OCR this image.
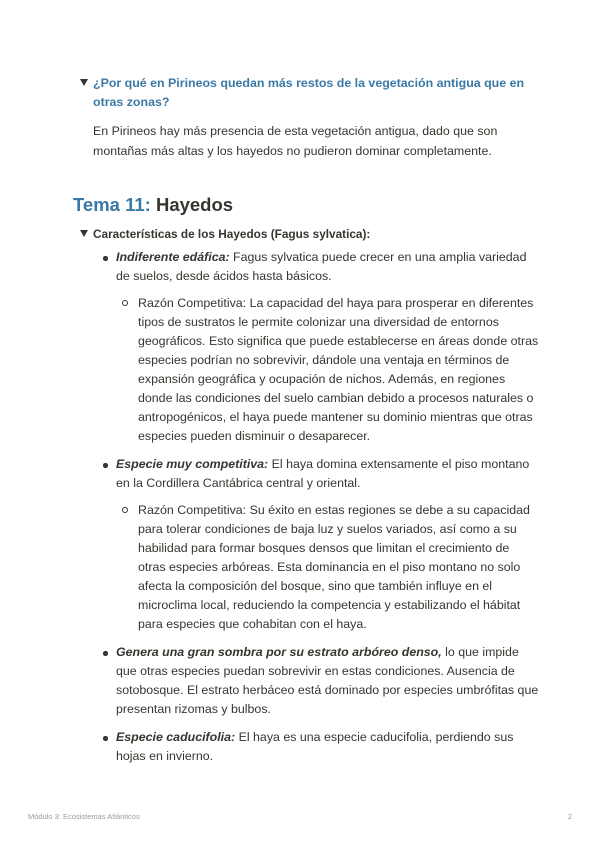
¿Por qué en Pirineos quedan más restos de la vegetación antigua que en otras zonas?
En Pirineos hay más presencia de esta vegetación antigua, dado que son montañas más altas y los hayedos no pudieron dominar completamente.
Tema 11: Hayedos
Características de los Hayedos (Fagus sylvatica):
Indiferente edáfica: Fagus sylvatica puede crecer en una amplia variedad de suelos, desde ácidos hasta básicos.
Razón Competitiva: La capacidad del haya para prosperar en diferentes tipos de sustratos le permite colonizar una diversidad de entornos geográficos. Esto significa que puede establecerse en áreas donde otras especies podrían no sobrevivir, dándole una ventaja en términos de expansión geográfica y ocupación de nichos. Además, en regiones donde las condiciones del suelo cambian debido a procesos naturales o antropogénicos, el haya puede mantener su dominio mientras que otras especies pueden disminuir o desaparecer.
Especie muy competitiva: El haya domina extensamente el piso montano en la Cordillera Cantábrica central y oriental.
Razón Competitiva: Su éxito en estas regiones se debe a su capacidad para tolerar condiciones de baja luz y suelos variados, así como a su habilidad para formar bosques densos que limitan el crecimiento de otras especies arbóreas. Esta dominancia en el piso montano no solo afecta la composición del bosque, sino que también influye en el microclima local, reduciendo la competencia y estabilizando el hábitat para especies que cohabitan con el haya.
Genera una gran sombra por su estrato arbóreo denso, lo que impide que otras especies puedan sobrevivir en estas condiciones. Ausencia de sotobosque. El estrato herbáceo está dominado por especies umbrófitas que presentan rizomas y bulbos.
Especie caducifolia: El haya es una especie caducifolia, perdiendo sus hojas en invierno.
Módulo 3: Ecosistemas Atlánticos	2
